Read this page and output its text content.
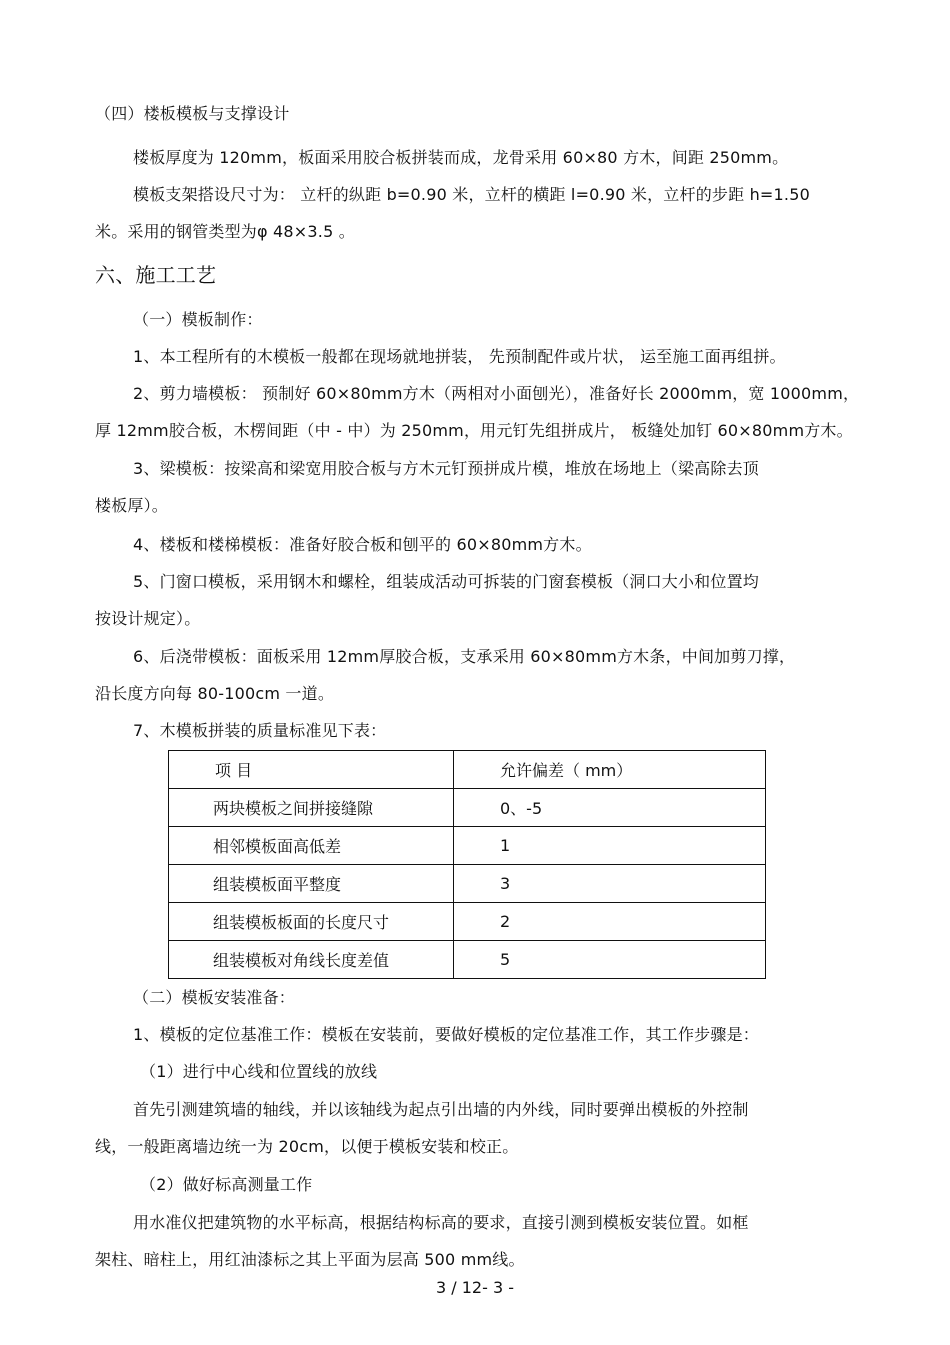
（四）楼板模板与支撑设计
楼板厚度为 120mm，板面采用胶合板拼装而成，龙骨采用 60×80 方木，间距 250mm。
模板支架搭设尺寸为： 立杆的纵距 b=0.90 米，立杆的横距 l=0.90 米，立杆的步距 h=1.50
米。采用的钢管类型为φ 48×3.5 。
六、施工工艺
（一）模板制作：
1、本工程所有的木模板一般都在现场就地拼装， 先预制配件或片状， 运至施工面再组拼。
2、剪力墙模板： 预制好 60×80mm方木（两相对小面刨光），准备好长 2000mm，宽 1000mm，
厚 12mm胶合板，木楞间距（中 - 中）为 250mm，用元钉先组拼成片， 板缝处加钉 60×80mm方木。
3、梁模板：按梁高和梁宽用胶合板与方木元钉预拼成片模，堆放在场地上（梁高除去顶
楼板厚）。
4、楼板和楼梯模板：准备好胶合板和刨平的 60×80mm方木。
5、门窗口模板，采用钢木和螺栓，组装成活动可拆装的门窗套模板（洞口大小和位置均
按设计规定）。
6、后浇带模板：面板采用 12mm厚胶合板，支承采用 60×80mm方木条，中间加剪刀撑，
沿长度方向每 80-100cm 一道。
7、木模板拼装的质量标准见下表：
项 目	允许偏差（ mm）
两块模板之间拼接缝隙	0、-5
相邻模板面高低差	1
组装模板面平整度	3
组装模板板面的长度尺寸	2
组装模板对角线长度差值	5
（二）模板安装准备：
1、模板的定位基准工作：模板在安装前，要做好模板的定位基准工作，其工作步骤是：
（1）进行中心线和位置线的放线
首先引测建筑墙的轴线，并以该轴线为起点引出墙的内外线，同时要弹出模板的外控制
线，一般距离墙边统一为 20cm，以便于模板安装和校正。
（2）做好标高测量工作
用水准仪把建筑物的水平标高，根据结构标高的要求，直接引测到模板安装位置。如框
架柱、暗柱上，用红油漆标之其上平面为层高 500 mm线。
3 / 12- 3 -
